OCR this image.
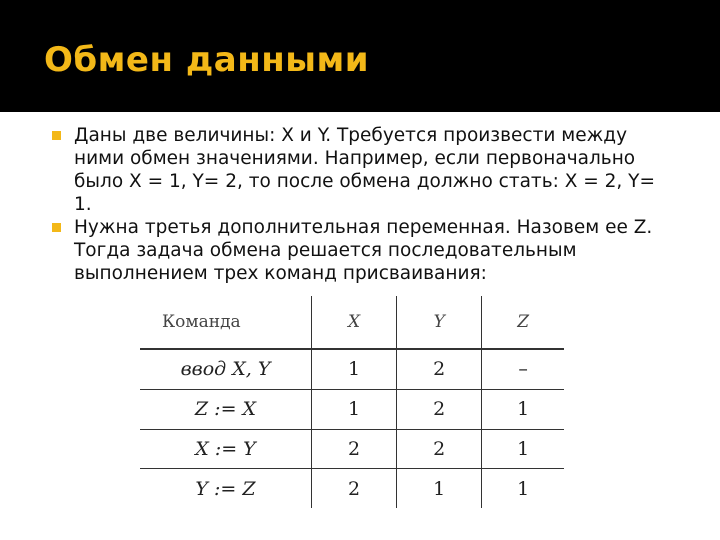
Обмен данными
Даны две величины: X и Y. Требуется произвести между ними обмен значениями. Например, если первоначально было X = 1, Y= 2, то после обмена должно стать: X = 2, Y= 1.
Нужна третья дополнительная переменная. Назовем ее Z. Тогда задача обмена решается последовательным выполнением трех команд присваивания:
Команда	X	Y	Z
ввод X, Y	1	2	–
Z := X	1	2	1
X := Y	2	2	1
Y := Z	2	1	1
